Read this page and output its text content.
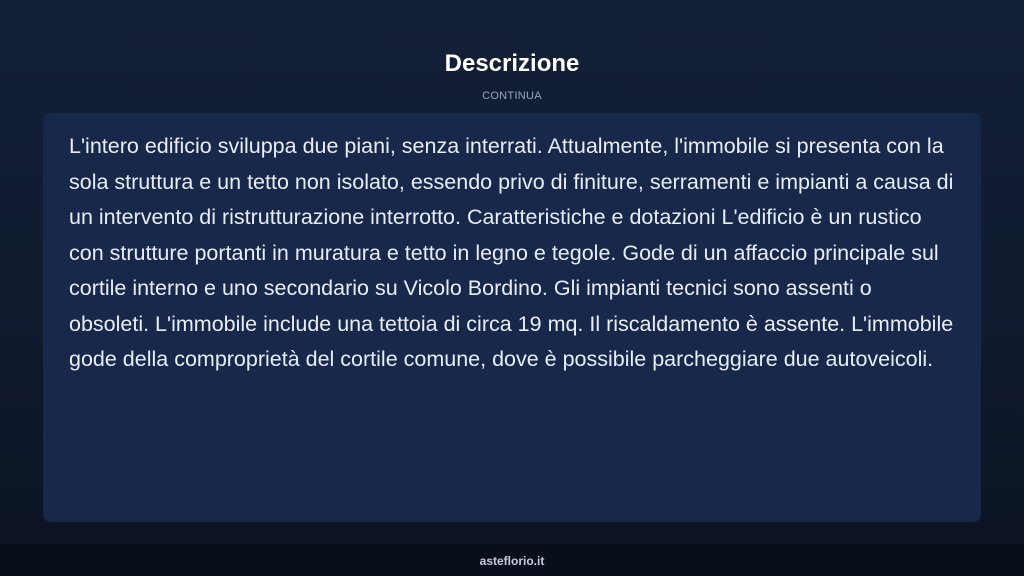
Descrizione
CONTINUA

L'intero edificio sviluppa due piani, senza interrati. Attualmente, l'immobile si presenta con la sola struttura e un tetto non isolato, essendo privo di finiture, serramenti e impianti a causa di un intervento di ristrutturazione interrotto. Caratteristiche e dotazioni L'edificio è un rustico con strutture portanti in muratura e tetto in legno e tegole. Gode di un affaccio principale sul cortile interno e uno secondario su Vicolo Bordino. Gli impianti tecnici sono assenti o obsoleti. L'immobile include una tettoia di circa 19 mq. Il riscaldamento è assente. L'immobile gode della comproprietà del cortile comune, dove è possibile parcheggiare due autoveicoli.

asteflorio.it
